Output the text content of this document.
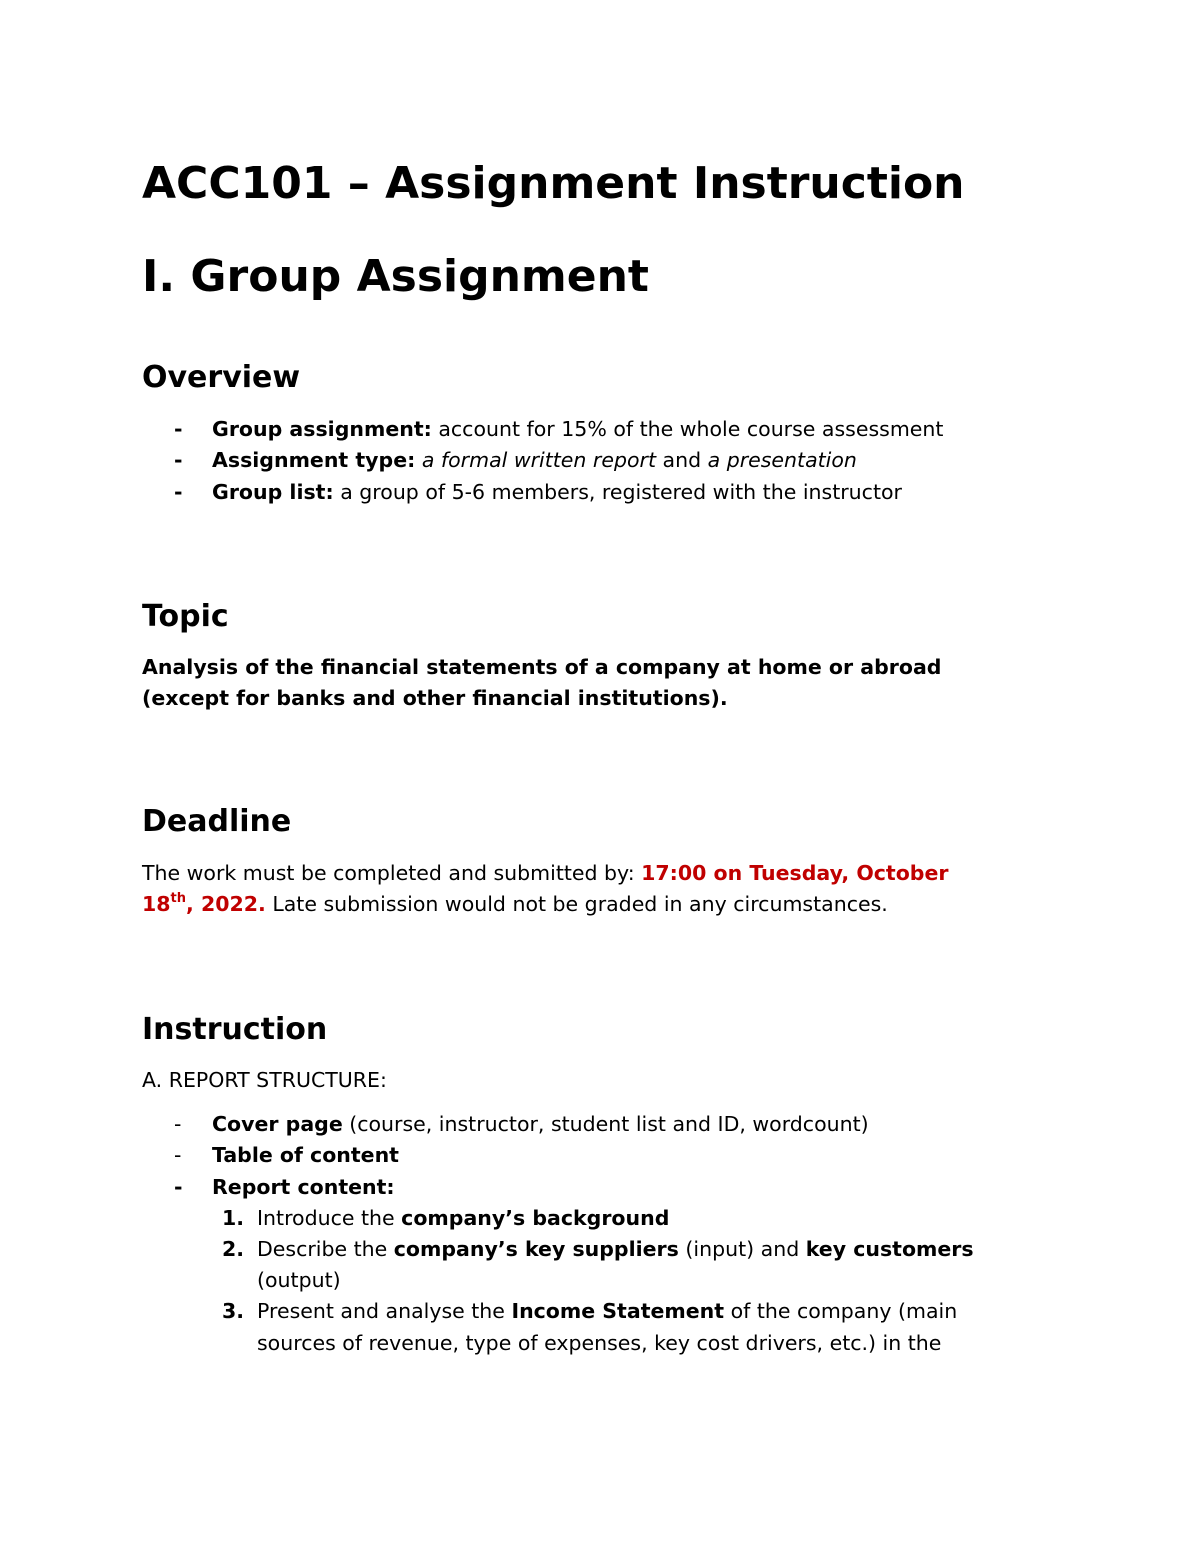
ACC101 – Assignment Instruction
I. Group Assignment
Overview
- Group assignment: account for 15% of the whole course assessment
- Assignment type: a formal written report and a presentation
- Group list: a group of 5-6 members, registered with the instructor
Topic
Analysis of the financial statements of a company at home or abroad
(except for banks and other financial institutions).
Deadline
The work must be completed and submitted by: 17:00 on Tuesday, October
18th, 2022. Late submission would not be graded in any circumstances.
Instruction
A. REPORT STRUCTURE:
- Cover page (course, instructor, student list and ID, wordcount)
- Table of content
- Report content:
1. Introduce the company’s background
2. Describe the company’s key suppliers (input) and key customers
(output)
3. Present and analyse the Income Statement of the company (main
sources of revenue, type of expenses, key cost drivers, etc.) in the
